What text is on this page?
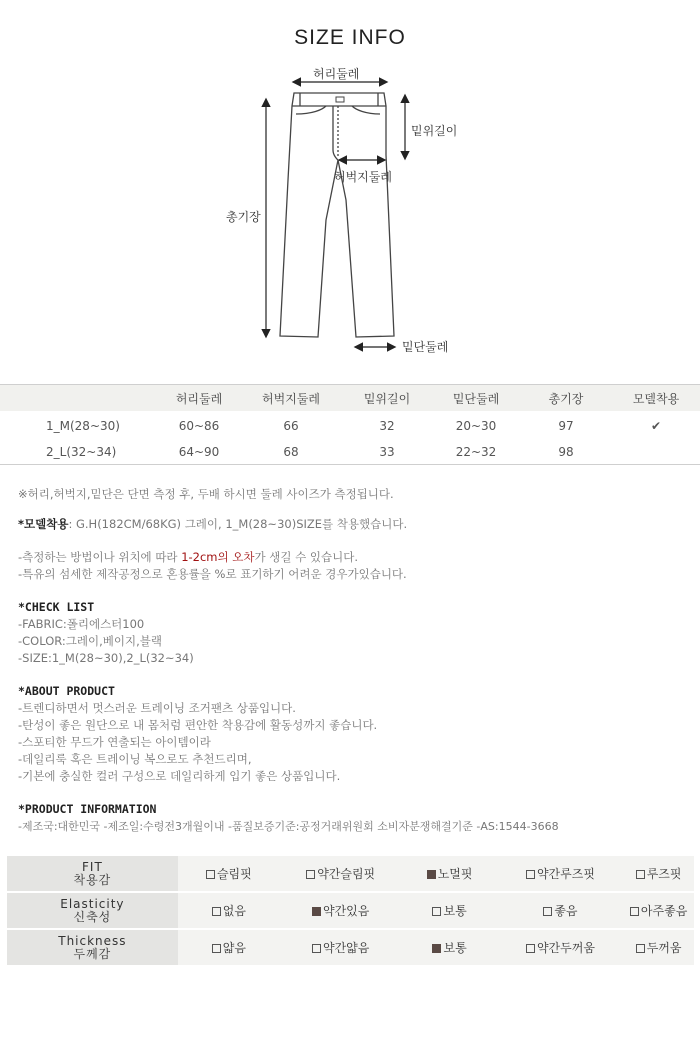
SIZE INFO
허리둘레
밑위길이
허벅지둘레
총기장
밑단둘레
	허리둘레	허벅지둘레	밑위길이	밑단둘레	총기장	모델착용
1_M(28~30)	60~86	66	32	20~30	97	✔
2_L(32~34)	64~90	68	33	22~32	98	
※허리,허벅지,밑단은 단면 측정 후, 두배 하시면 둘레 사이즈가 측정됩니다.
*모델착용: G.H(182CM/68KG) 그레이, 1_M(28~30)SIZE를 착용했습니다.
-측정하는 방법이나 위치에 따라 1-2cm의 오차가 생길 수 있습니다.
-특유의 섬세한 제작공정으로 혼용률을 %로 표기하기 어려운 경우가있습니다.
*CHECK LIST
-FABRIC:폴리에스터100
-COLOR:그레이,베이지,블랙
-SIZE:1_M(28~30),2_L(32~34)
*ABOUT PRODUCT
-트렌디하면서 멋스러운 트레이닝 조거팬츠 상품입니다.
-탄성이 좋은 원단으로 내 몸처럼 편안한 착용감에 활동성까지 좋습니다.
-스포티한 무드가 연출되는 아이템이라
-데일리룩 혹은 트레이닝 복으로도 추천드리며,
-기본에 충실한 컬러 구성으로 데일리하게 입기 좋은 상품입니다.
*PRODUCT INFORMATION
-제조국:대한민국 -제조일:수령전3개월이내 -품질보증기준:공정거래위원회 소비자분쟁해결기준 -AS:1544-3668
FIT
착용감	슬림핏	약간슬림핏	노멀핏	약간루즈핏	루즈핏

Elasticity
신축성	없음	약간있음	보통	좋음	아주좋음

Thickness
두께감	얇음	약간얇음	보통	약간두꺼움	두꺼움
